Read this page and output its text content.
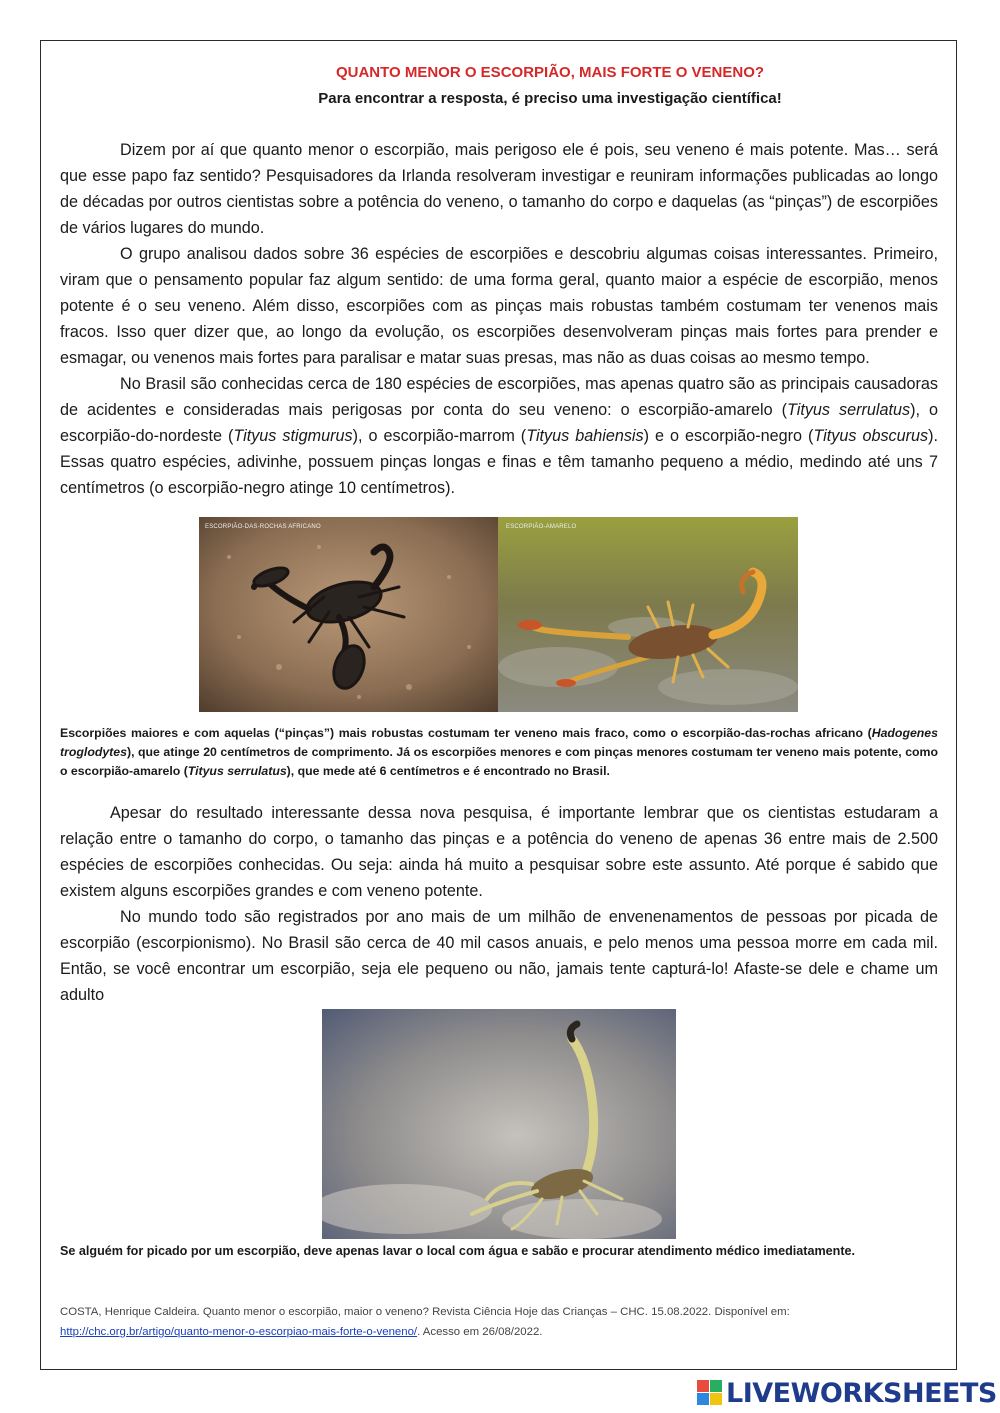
QUANTO MENOR O ESCORPIÃO, MAIS FORTE O VENENO?
Para encontrar a resposta, é preciso uma investigação científica!

Dizem por aí que quanto menor o escorpião, mais perigoso ele é pois, seu veneno é mais potente. Mas… será que esse papo faz sentido? Pesquisadores da Irlanda resolveram investigar e reuniram informações publicadas ao longo de décadas por outros cientistas sobre a potência do veneno, o tamanho do corpo e daquelas (as “pinças”) de escorpiões de vários lugares do mundo.

O grupo analisou dados sobre 36 espécies de escorpiões e descobriu algumas coisas interessantes. Primeiro, viram que o pensamento popular faz algum sentido: de uma forma geral, quanto maior a espécie de escorpião, menos potente é o seu veneno. Além disso, escorpiões com as pinças mais robustas também costumam ter venenos mais fracos. Isso quer dizer que, ao longo da evolução, os escorpiões desenvolveram pinças mais fortes para prender e esmagar, ou venenos mais fortes para paralisar e matar suas presas, mas não as duas coisas ao mesmo tempo.

No Brasil são conhecidas cerca de 180 espécies de escorpiões, mas apenas quatro são as principais causadoras de acidentes e consideradas mais perigosas por conta do seu veneno: o escorpião-amarelo (Tityus serrulatus), o escorpião-do-nordeste (Tityus stigmurus), o escorpião-marrom (Tityus bahiensis) e o escorpião-negro (Tityus obscurus). Essas quatro espécies, adivinhe, possuem pinças longas e finas e têm tamanho pequeno a médio, medindo até uns 7 centímetros (o escorpião-negro atinge 10 centímetros).

ESCORPIÃO-DAS-ROCHAS AFRICANO	ESCORPIÃO-AMARELO
Escorpiões maiores e com aquelas (“pinças”) mais robustas costumam ter veneno mais fraco, como o escorpião-das-rochas africano (Hadogenes troglodytes), que atinge 20 centímetros de comprimento. Já os escorpiões menores e com pinças menores costumam ter veneno mais potente, como o escorpião-amarelo (Tityus serrulatus), que mede até 6 centímetros e é encontrado no Brasil.

Apesar do resultado interessante dessa nova pesquisa, é importante lembrar que os cientistas estudaram a relação entre o tamanho do corpo, o tamanho das pinças e a potência do veneno de apenas 36 entre mais de 2.500 espécies de escorpiões conhecidas. Ou seja: ainda há muito a pesquisar sobre este assunto. Até porque é sabido que existem alguns escorpiões grandes e com veneno potente.

No mundo todo são registrados por ano mais de um milhão de envenenamentos de pessoas por picada de escorpião (escorpionismo). No Brasil são cerca de 40 mil casos anuais, e pelo menos uma pessoa morre em cada mil. Então, se você encontrar um escorpião, seja ele pequeno ou não, jamais tente capturá-lo! Afaste-se dele e chame um adulto

Se alguém for picado por um escorpião, deve apenas lavar o local com água e sabão e procurar atendimento médico imediatamente.
COSTA, Henrique Caldeira. Quanto menor o escorpião, maior o veneno? Revista Ciência Hoje das Crianças – CHC. 15.08.2022. Disponível em:
http://chc.org.br/artigo/quanto-menor-o-escorpiao-mais-forte-o-veneno/. Acesso em 26/08/2022.
LIVEWORKSHEETS
